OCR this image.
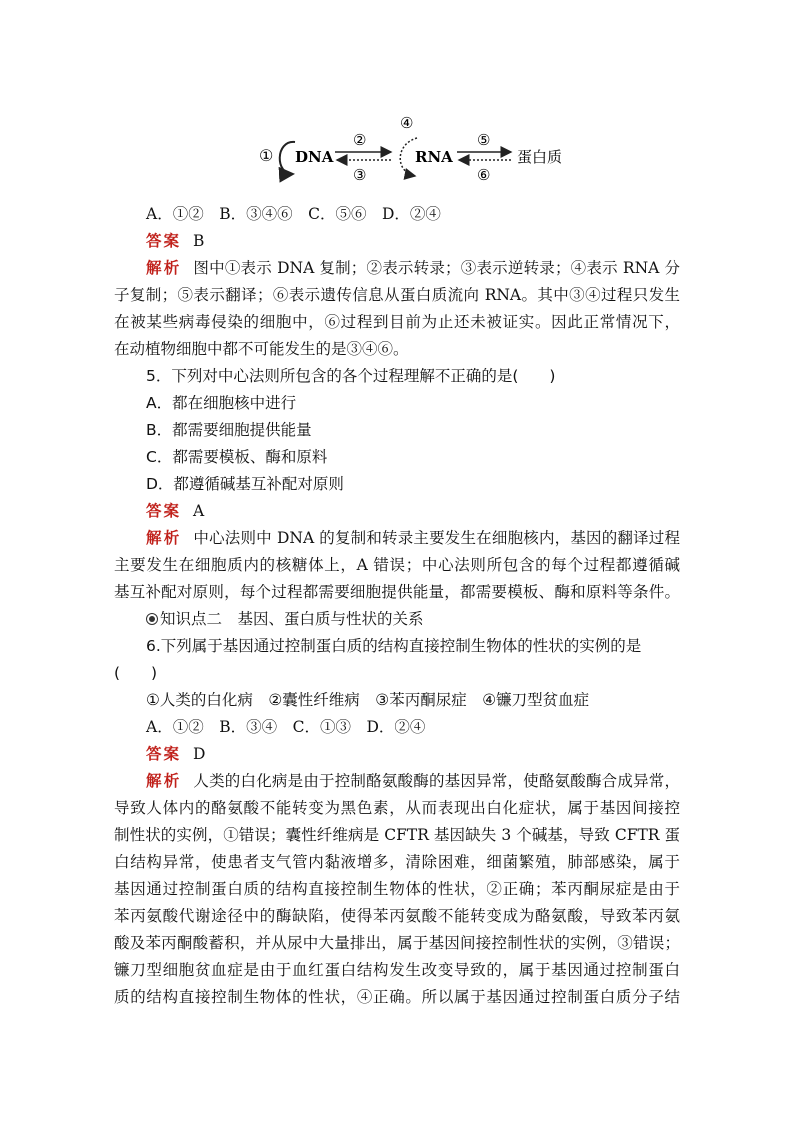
① DNA
②
③
④
RNA
⑤
⑥
蛋白质
A．①②　B．③④⑥　C．⑤⑥　D．②④
答案 B
解析 图中①表示 DNA 复制；②表示转录；③表示逆转录；④表示 RNA 分
子复制；⑤表示翻译；⑥表示遗传信息从蛋白质流向 RNA。其中③④过程只发生
在被某些病毒侵染的细胞中，⑥过程到目前为止还未被证实。因此正常情况下，
在动植物细胞中都不可能发生的是③④⑥。
5．下列对中心法则所包含的各个过程理解不正确的是(　　)
A．都在细胞核中进行
B．都需要细胞提供能量
C．都需要模板、酶和原料
D．都遵循碱基互补配对原则
答案 A
解析 中心法则中 DNA 的复制和转录主要发生在细胞核内，基因的翻译过程
主要发生在细胞质内的核糖体上，A 错误；中心法则所包含的每个过程都遵循碱
基互补配对原则，每个过程都需要细胞提供能量，都需要模板、酶和原料等条件。
知识点二　基因、蛋白质与性状的关系
6.下列属于基因通过控制蛋白质的结构直接控制生物体的性状的实例的是
(　　)
①人类的白化病　②囊性纤维病　③苯丙酮尿症　④镰刀型贫血症
A．①②　B．③④　C．①③　D．②④
答案 D
解析 人类的白化病是由于控制酪氨酸酶的基因异常，使酪氨酸酶合成异常，
导致人体内的酪氨酸不能转变为黑色素，从而表现出白化症状，属于基因间接控
制性状的实例，①错误；囊性纤维病是 CFTR 基因缺失 3 个碱基，导致 CFTR 蛋
白结构异常，使患者支气管内黏液增多，清除困难，细菌繁殖，肺部感染，属于
基因通过控制蛋白质的结构直接控制生物体的性状，②正确；苯丙酮尿症是由于
苯丙氨酸代谢途径中的酶缺陷，使得苯丙氨酸不能转变成为酪氨酸，导致苯丙氨
酸及苯丙酮酸蓄积，并从尿中大量排出，属于基因间接控制性状的实例，③错误；
镰刀型细胞贫血症是由于血红蛋白结构发生改变导致的，属于基因通过控制蛋白
质的结构直接控制生物体的性状，④正确。所以属于基因通过控制蛋白质分子结
